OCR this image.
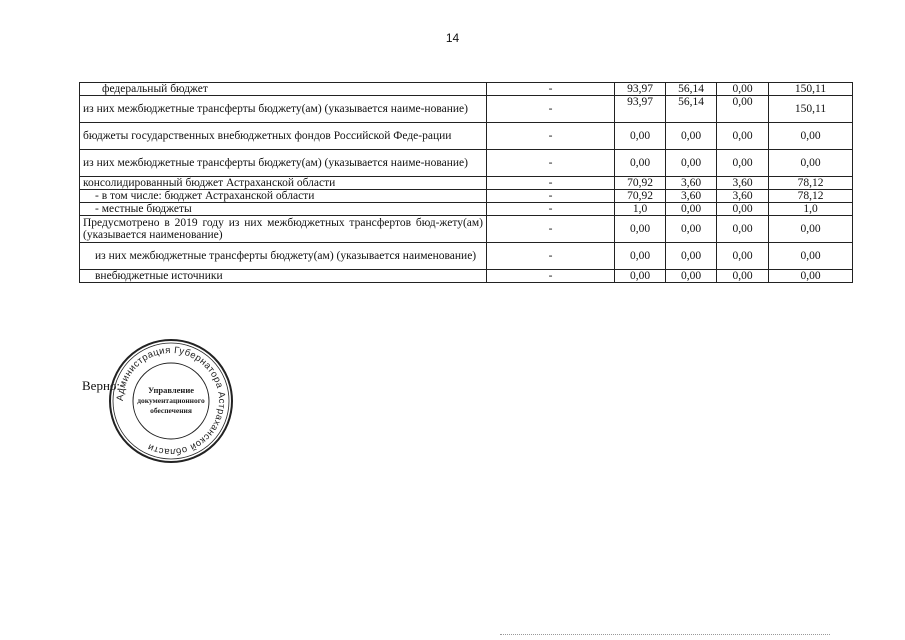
14
федеральный бюджет	-	93,97	56,14	0,00	150,11
из них межбюджетные трансферты бюджету(ам) (указывается наиме-нование)	-	93,97	56,14	0,00	150,11
бюджеты государственных внебюджетных фондов Российской Феде-рации	-	0,00	0,00	0,00	0,00
из них межбюджетные трансферты бюджету(ам) (указывается наиме-нование)	-	0,00	0,00	0,00	0,00
консолидированный бюджет Астраханской области	-	70,92	3,60	3,60	78,12
- в том числе: бюджет Астраханской области	-	70,92	3,60	3,60	78,12
- местные бюджеты	-	1,0	0,00	0,00	1,0
Предусмотрено в 2019 году из них межбюджетных трансфертов бюд-жету(ам) (указывается наименование)	-	0,00	0,00	0,00	0,00
из них межбюджетные трансферты бюджету(ам) (указывается наименование)	-	0,00	0,00	0,00	0,00
внебюджетные источники	-	0,00	0,00	0,00	0,00
Верно:
Администрация Губернатора Астраханской области
Управление
документационного
обеспечения
